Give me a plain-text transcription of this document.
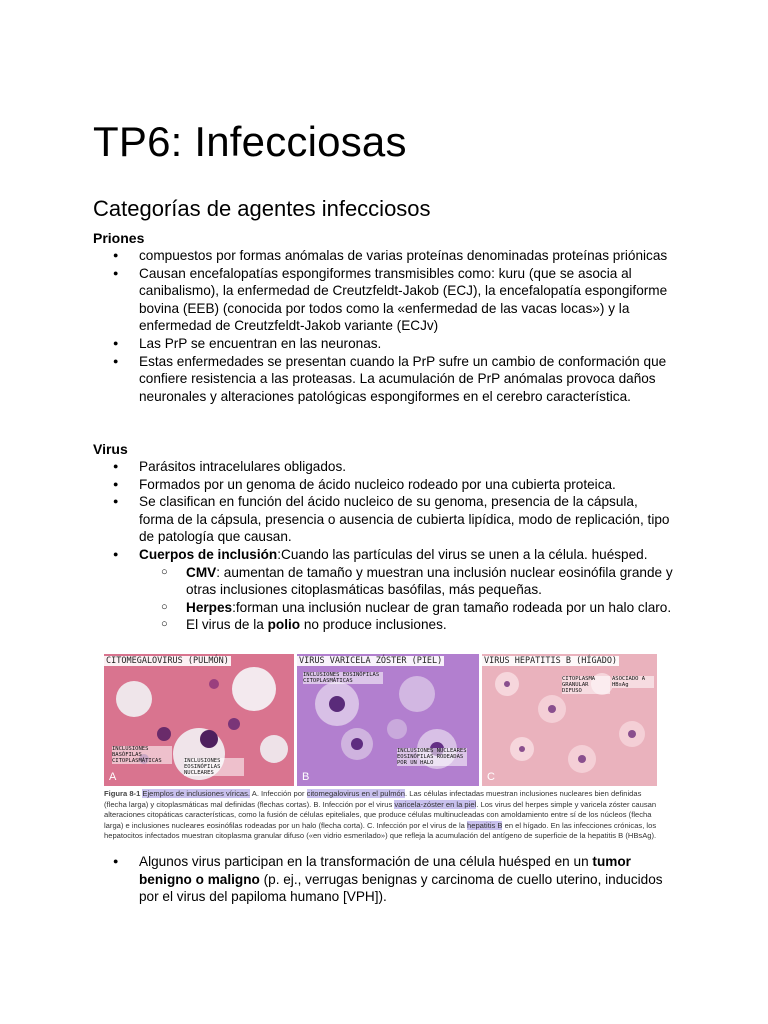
TP6: Infecciosas
Categorías de agentes infecciosos

Priones

● compuestos por formas anómalas de varias proteínas denominadas proteínas priónicas
● Causan encefalopatías espongiformes transmisibles como: kuru (que se asocia al canibalismo), la enfermedad de Creutzfeldt-Jakob (ECJ), la encefalopatía espongiforme bovina (EEB) (conocida por todos como la «enfermedad de las vacas locas») y la enfermedad de Creutzfeldt-Jakob variante (ECJv)
● Las PrP se encuentran en las neuronas.
● Estas enfermedades se presentan cuando la PrP sufre un cambio de conformación que confiere resistencia a las proteasas. La acumulación de PrP anómalas provoca daños neuronales y alteraciones patológicas espongiformes en el cerebro característica.

Virus

● Parásitos intracelulares obligados.
● Formados por un genoma de ácido nucleico rodeado por una cubierta proteica.
● Se clasifican en función del ácido nucleico de su genoma, presencia de la cápsula, forma de la cápsula, presencia o ausencia de cubierta lipídica, modo de replicación, tipo de patología que causan.
● Cuerpos de inclusión:Cuando las partículas del virus se unen a la célula. huésped.
○ CMV: aumentan de tamaño y muestran una inclusión nuclear eosinófila grande y otras inclusiones citoplasmáticas basófilas, más pequeñas.
○ Herpes:forman una inclusión nuclear de gran tamaño rodeada por un halo claro.
○ El virus de la polio no produce inclusiones.
CITOMEGALOVIRUS (PULMÓN)
INCLUSIONES BASÓFILAS CITOPLASMÁTICAS	INCLUSIONES EOSINÓFILAS NUCLEARES
A
VIRUS VARICELA ZÓSTER (PIEL)
INCLUSIONES EOSINÓFILAS CITOPLASMÁTICAS
INCLUSIONES NUCLEARES EOSINÓFILAS RODEADAS POR UN HALO
B
VIRUS HEPATITIS B (HÍGADO)
CITOPLASMA GRANULAR DIFUSO
ASOCIADO A HBsAg
C
Figura 8-1 Ejemplos de inclusiones víricas. A. Infección por citomegalovirus en el pulmón. Las células infectadas muestran inclusiones nucleares bien definidas (flecha larga) y citoplasmáticas mal definidas (flechas cortas). B. Infección por el virus varicela-zóster en la piel. Los virus del herpes simple y varicela zóster causan alteraciones citopáticas características, como la fusión de células epiteliales, que produce células multinucleadas con amoldamiento entre sí de los núcleos (flecha larga) e inclusiones nucleares eosinófilas rodeadas por un halo (flecha corta). C. Infección por el virus de la hepatitis B en el hígado. En las infecciones crónicas, los hepatocitos infectados muestran citoplasma granular difuso («en vidrio esmerilado») que refleja la acumulación del antígeno de superficie de la hepatitis B (HBsAg).
● Algunos virus participan en la transformación de una célula huésped en un tumor benigno o maligno (p. ej., verrugas benignas y carcinoma de cuello uterino, inducidos por el virus del papiloma humano [VPH]).
